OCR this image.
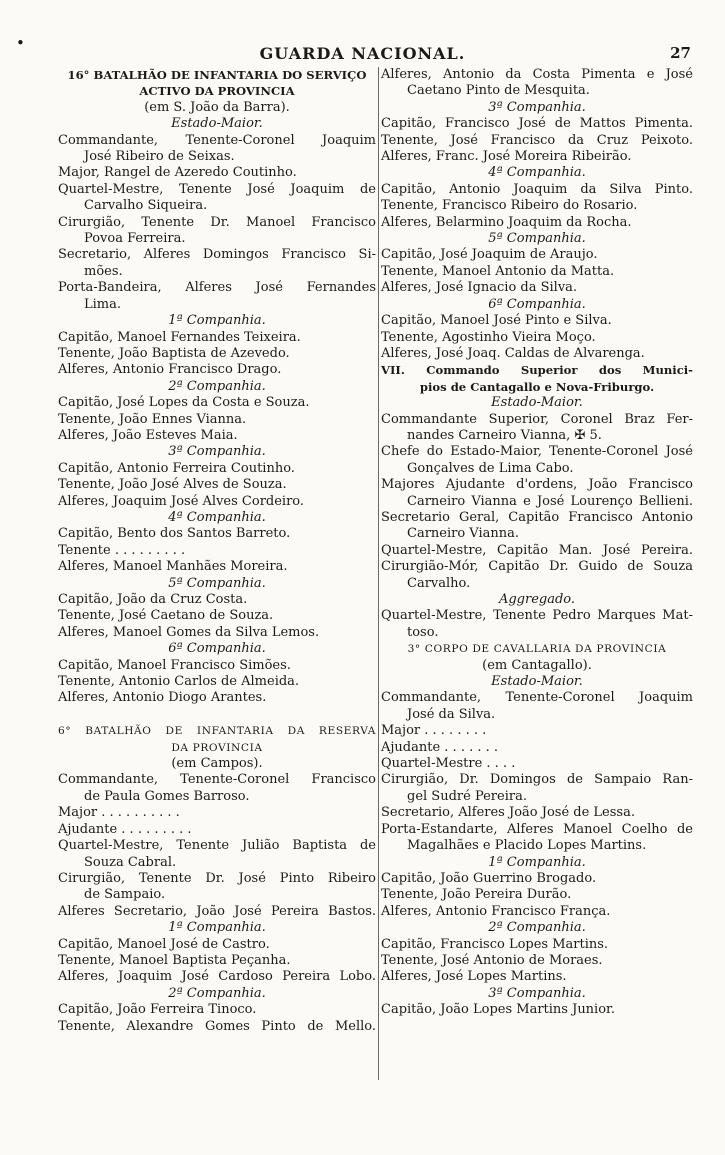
•
GUARDA NACIONAL.	27
16° BATALHÃO DE INFANTARIA DO SERVIÇO
ACTIVO DA PROVINCIA
(em S. João da Barra).
Estado-Maior.
Commandante, Tenente-Coronel Joaquim
José Ribeiro de Seixas.
Major, Rangel de Azeredo Coutinho.
Quartel-Mestre, Tenente José Joaquim de
Carvalho Siqueira.
Cirurgião, Tenente Dr. Manoel Francisco
Povoa Ferreira.
Secretario, Alferes Domingos Francisco Si-
mões.
Porta-Bandeira, Alferes José Fernandes
Lima.
1ª Companhia.
Capitão, Manoel Fernandes Teixeira.
Tenente, João Baptista de Azevedo.
Alferes, Antonio Francisco Drago.
2ª Companhia.
Capitão, José Lopes da Costa e Souza.
Tenente, João Ennes Vianna.
Alferes, João Esteves Maia.
3ª Companhia.
Capitão, Antonio Ferreira Coutinho.
Tenente, João José Alves de Souza.
Alferes, Joaquim José Alves Cordeiro.
4ª Companhia.
Capitão, Bento dos Santos Barreto.
Tenente . . . . . . . . .
Alferes, Manoel Manhães Moreira.
5ª Companhia.
Capitão, João da Cruz Costa.
Tenente, José Caetano de Souza.
Alferes, Manoel Gomes da Silva Lemos.
6ª Companhia.
Capitão, Manoel Francisco Simões.
Tenente, Antonio Carlos de Almeida.
Alferes, Antonio Diogo Arantes.

6° BATALHÃO DE INFANTARIA DA RESERVA
DA PROVINCIA
(em Campos).
Commandante, Tenente-Coronel Francisco
de Paula Gomes Barroso.
Major . . . . . . . . . .
Ajudante . . . . . . . . .
Quartel-Mestre, Tenente Julião Baptista de
Souza Cabral.
Cirurgião, Tenente Dr. José Pinto Ribeiro
de Sampaio.
Alferes Secretario, João José Pereira Bastos.
1ª Companhia.
Capitão, Manoel José de Castro.
Tenente, Manoel Baptista Peçanha.
Alferes, Joaquim José Cardoso Pereira Lobo.
2ª Companhia.
Capitão, João Ferreira Tinoco.
Tenente, Alexandre Gomes Pinto de Mello.
Alferes, Antonio da Costa Pimenta e José
Caetano Pinto de Mesquita.
3ª Companhia.
Capitão, Francisco José de Mattos Pimenta.
Tenente, José Francisco da Cruz Peixoto.
Alferes, Franc. José Moreira Ribeirão.
4ª Companhia.
Capitão, Antonio Joaquim da Silva Pinto.
Tenente, Francisco Ribeiro do Rosario.
Alferes, Belarmino Joaquim da Rocha.
5ª Companhia.
Capitão, José Joaquim de Araujo.
Tenente, Manoel Antonio da Matta.
Alferes, José Ignacio da Silva.
6ª Companhia.
Capitão, Manoel José Pinto e Silva.
Tenente, Agostinho Vieira Moço.
Alferes, José Joaq. Caldas de Alvarenga.
VII. Commando Superior dos Munici-
pios de Cantagallo e Nova-Friburgo.
Estado-Maior.
Commandante Superior, Coronel Braz Fer-
nandes Carneiro Vianna, ✠ 5.
Chefe do Estado-Maior, Tenente-Coronel José
Gonçalves de Lima Cabo.
Majores Ajudante d'ordens, João Francisco
Carneiro Vianna e José Lourenço Bellieni.
Secretario Geral, Capitão Francisco Antonio
Carneiro Vianna.
Quartel-Mestre, Capitão Man. José Pereira.
Cirurgião-Mór, Capitão Dr. Guido de Souza
Carvalho.
Aggregado.
Quartel-Mestre, Tenente Pedro Marques Mat-
toso.
3° CORPO DE CAVALLARIA DA PROVINCIA
(em Cantagallo).
Estado-Maior.
Commandante, Tenente-Coronel Joaquim
José da Silva.
Major . . . . . . . .
Ajudante . . . . . . .
Quartel-Mestre . . . .
Cirurgião, Dr. Domingos de Sampaio Ran-
gel Sudré Pereira.
Secretario, Alferes João José de Lessa.
Porta-Estandarte, Alferes Manoel Coelho de
Magalhães e Placido Lopes Martins.
1ª Companhia.
Capitão, João Guerrino Brogado.
Tenente, João Pereira Durão.
Alferes, Antonio Francisco França.
2ª Companhia.
Capitão, Francisco Lopes Martins.
Tenente, José Antonio de Moraes.
Alferes, José Lopes Martins.
3ª Companhia.
Capitão, João Lopes Martins Junior.
